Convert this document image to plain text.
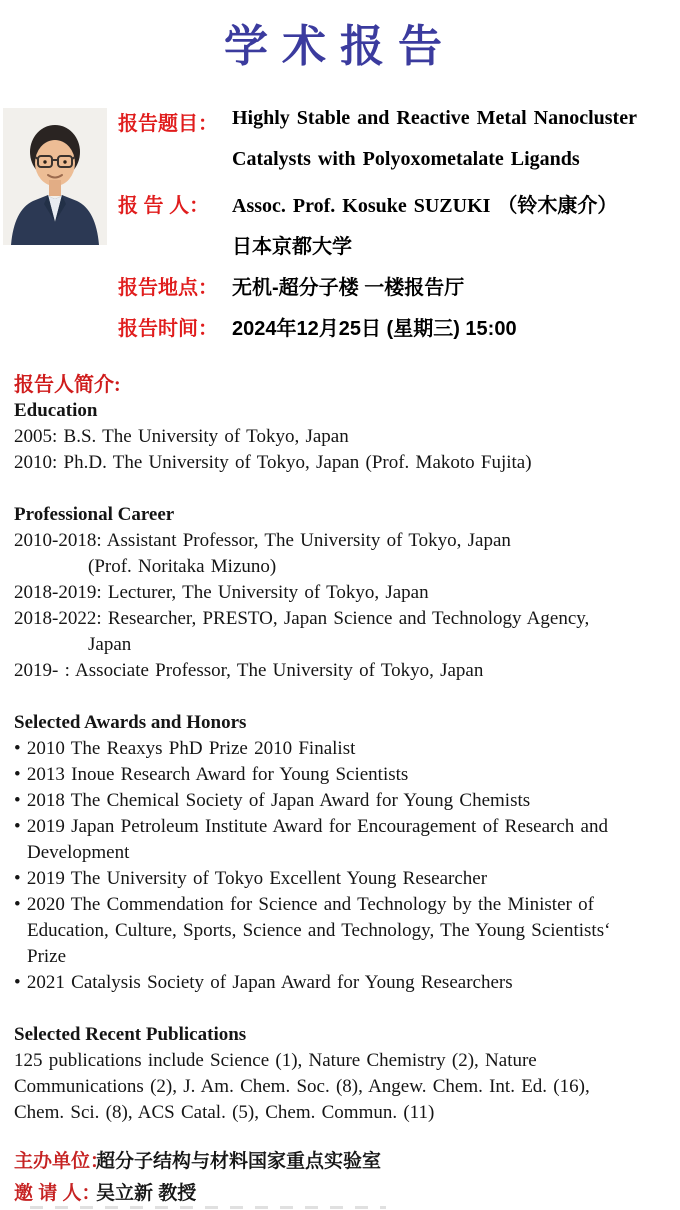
学术报告
报告题目： Highly Stable and Reactive Metal Nanocluster
Catalysts with Polyoxometalate Ligands
报 告 人：	Assoc. Prof. Kosuke SUZUKI （铃木康介）
日本京都大学
报告地点： 无机-超分子楼 一楼报告厅
报告时间： 2024年12月25日 (星期三) 15:00
报告人简介:
Education
2005: B.S. The University of Tokyo, Japan
2010: Ph.D. The University of Tokyo, Japan (Prof. Makoto Fujita)
Professional Career
2010-2018: Assistant Professor, The University of Tokyo, Japan
(Prof. Noritaka Mizuno)
2018-2019: Lecturer, The University of Tokyo, Japan
2018-2022: Researcher, PRESTO, Japan Science and Technology Agency,
Japan
2019- : Associate Professor, The University of Tokyo, Japan
Selected Awards and Honors
• 2010 The Reaxys PhD Prize 2010 Finalist
• 2013 Inoue Research Award for Young Scientists
• 2018 The Chemical Society of Japan Award for Young Chemists
• 2019 Japan Petroleum Institute Award for Encouragement of Research and
Development
• 2019 The University of Tokyo Excellent Young Researcher
• 2020 The Commendation for Science and Technology by the Minister of
Education, Culture, Sports, Science and Technology, The Young Scientists‘
Prize
• 2021 Catalysis Society of Japan Award for Young Researchers
Selected Recent Publications
125 publications include Science (1), Nature Chemistry (2), Nature
Communications (2), J. Am. Chem. Soc. (8), Angew. Chem. Int. Ed. (16),
Chem. Sci. (8), ACS Catal. (5), Chem. Commun. (11)
主办单位：
超分子结构与材料国家重点实验室
邀 请 人：
吴立新 教授
